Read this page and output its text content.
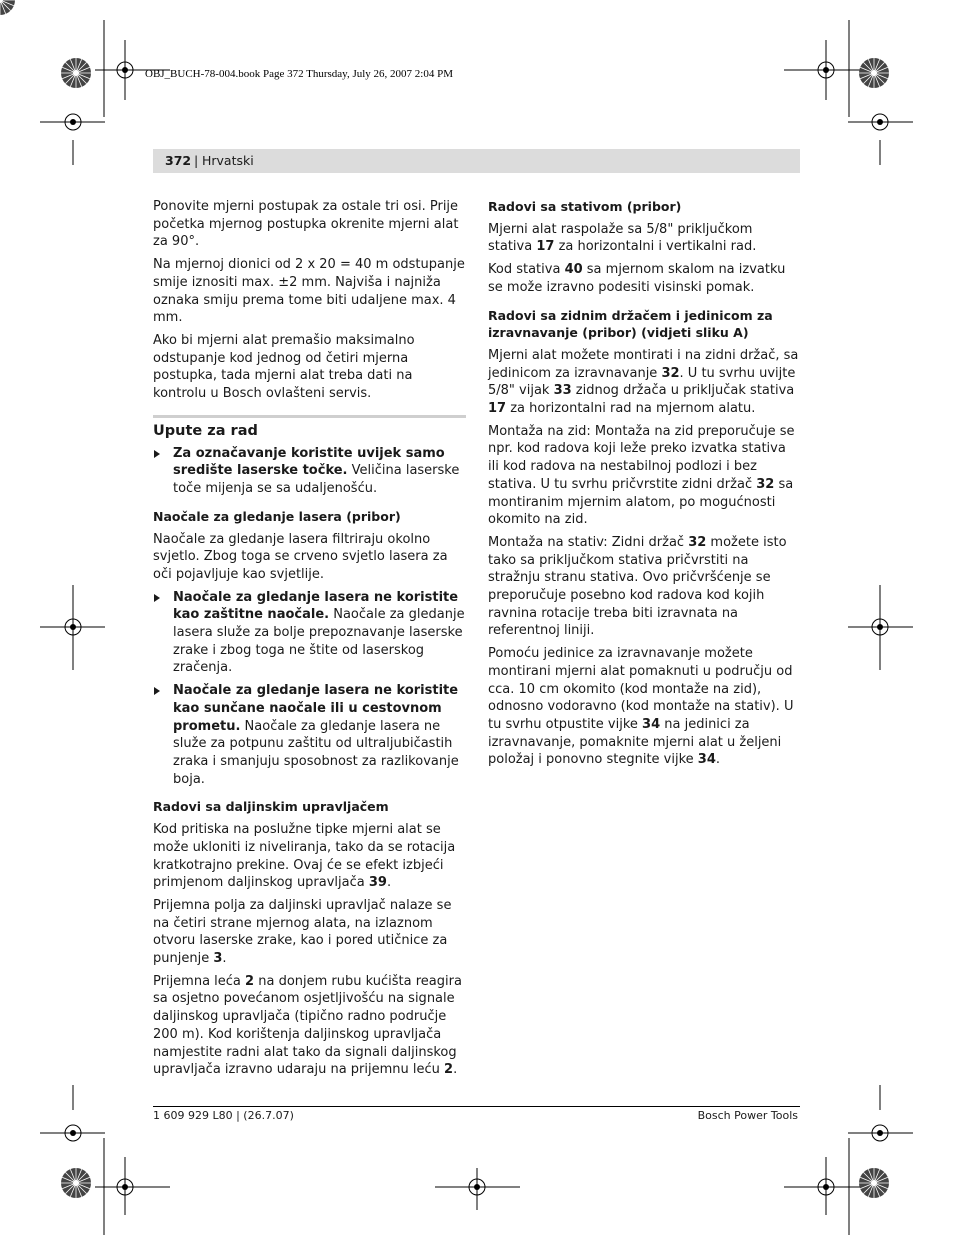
OBJ_BUCH-78-004.book Page 372 Thursday, July 26, 2007 2:04 PM
372 | Hrvatski

Ponovite mjerni postupak za ostale tri osi. Prije početka mjernog postupka okrenite mjerni alat za 90°.

Na mjernoj dionici od 2 x 20 = 40 m odstupanje smije iznositi max. ±2 mm. Najviša i najniža oznaka smiju prema tome biti udaljene max. 4 mm.

Ako bi mjerni alat premašio maksimalno odstupanje kod jednog od četiri mjerna postupka, tada mjerni alat treba dati na kontrolu u Bosch ovlašteni servis.

Upute za rad
Za označavanje koristite uvijek samo središte laserske točke. Veličina laserske toče mijenja se sa udaljenošću.
Naočale za gledanje lasera (pribor)

Naočale za gledanje lasera filtriraju okolno svjetlo. Zbog toga se crveno svjetlo lasera za oči pojavljuje kao svjetlije.

Naočale za gledanje lasera ne koristite kao zaštitne naočale. Naočale za gledanje lasera služe za bolje prepoznavanje laserske zrake i zbog toga ne štite od laserskog zračenja.
Naočale za gledanje lasera ne koristite kao sunčane naočale ili u cestovnom prometu. Naočale za gledanje lasera ne služe za potpunu zaštitu od ultraljubičastih zraka i smanjuju sposobnost za razlikovanje boja.
Radovi sa daljinskim upravljačem

Kod pritiska na poslužne tipke mjerni alat se može ukloniti iz niveliranja, tako da se rotacija kratkotrajno prekine. Ovaj će se efekt izbjeći primjenom daljinskog upravljača 39.

Prijemna polja za daljinski upravljač nalaze se na četiri strane mjernog alata, na izlaznom otvoru laserske zrake, kao i pored utičnice za punjenje 3.

Prijemna leća 2 na donjem rubu kućišta reagira sa osjetno povećanom osjetljivošću na signale daljinskog upravljača (tipično radno područje 200 m). Kod korištenja daljinskog upravljača namjestite radni alat tako da signali daljinskog upravljača izravno udaraju na prijemnu leću 2.

Radovi sa stativom (pribor)

Mjerni alat raspolaže sa 5/8" priključkom stativa 17 za horizontalni i vertikalni rad.

Kod stativa 40 sa mjernom skalom na izvatku se može izravno podesiti visinski pomak.

Radovi sa zidnim držačem i jedinicom za izravnavanje (pribor) (vidjeti sliku A)

Mjerni alat možete montirati i na zidni držač, sa jedinicom za izravnavanje 32. U tu svrhu uvijte 5/8" vijak 33 zidnog držača u priključak stativa 17 za horizontalni rad na mjernom alatu.

Montaža na zid: Montaža na zid preporučuje se npr. kod radova koji leže preko izvatka stativa ili kod radova na nestabilnoj podlozi i bez stativa. U tu svrhu pričvrstite zidni držač 32 sa montiranim mjernim alatom, po mogućnosti okomito na zid.

Montaža na stativ: Zidni držač 32 možete isto tako sa priključkom stativa pričvrstiti na stražnju stranu stativa. Ovo pričvršćenje se preporučuje posebno kod radova kod kojih ravnina rotacije treba biti izravnata na referentnoj liniji.

Pomoću jedinice za izravnavanje možete montirani mjerni alat pomaknuti u području od cca. 10 cm okomito (kod montaže na zid), odnosno vodoravno (kod montaže na stativ). U tu svrhu otpustite vijke 34 na jedinici za izravnavanje, pomaknite mjerni alat u željeni položaj i ponovno stegnite vijke 34.

1 609 929 L80 | (26.7.07)	Bosch Power Tools
